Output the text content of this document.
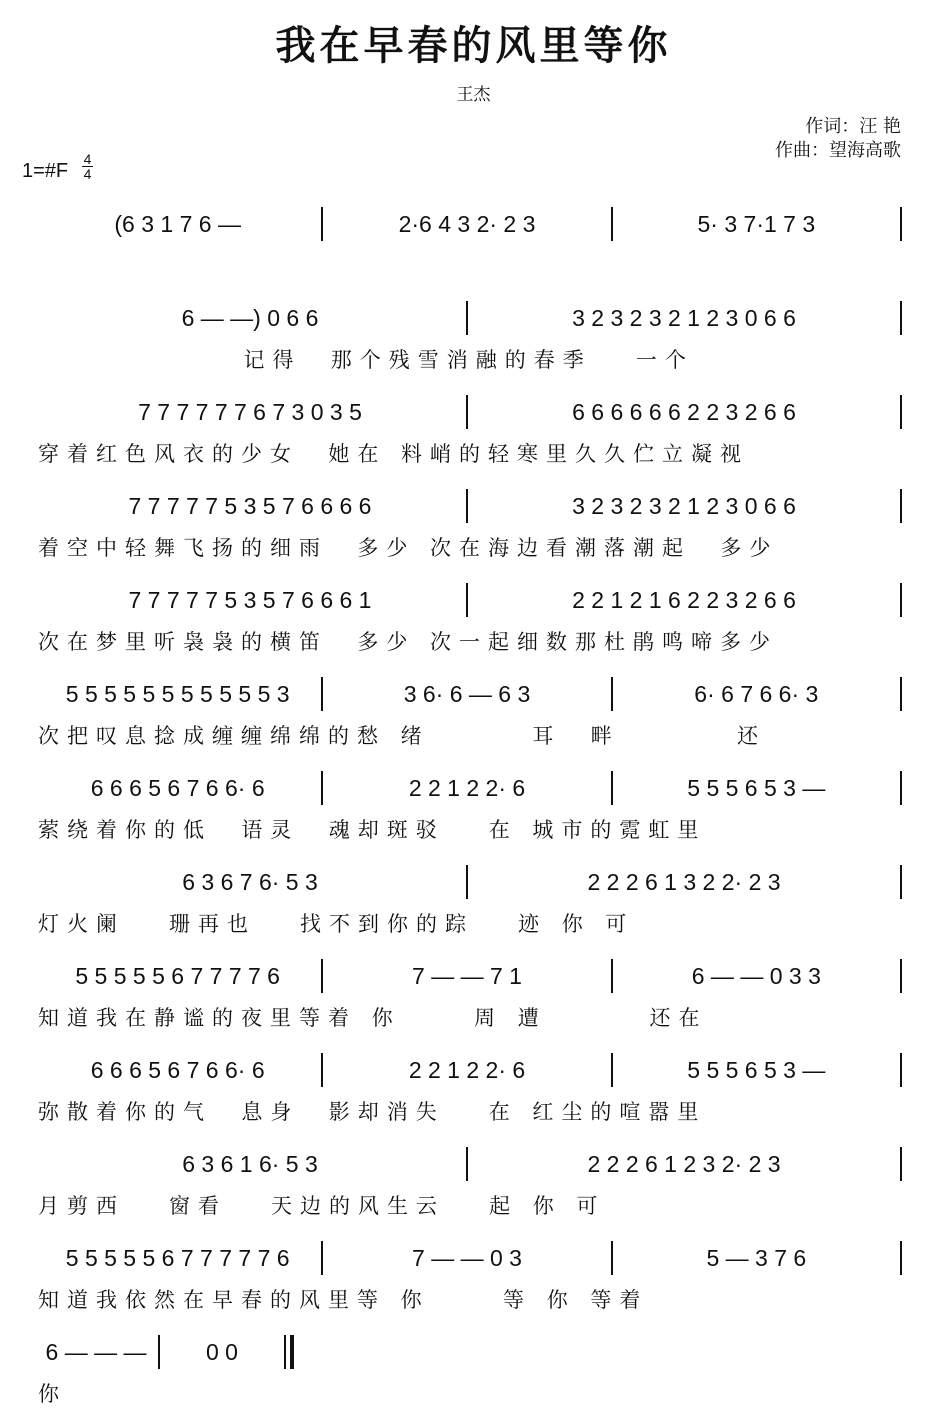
我在早春的风里等你
王杰
作词：汪 艳
作曲：望海高歌
1=#F
4
4
(6 3 1 7 6 —	2·6 4 3 2· 2 3	5· 3 7·1 7 3
6 — —) 0 6 6	3 2 3 2 3 2 1 2 3 0 6 6
记得  那个残雪消融的春季   一个
7 7 7 7 7 7 6 7 3 0 3 5	6 6 6 6 6 6 2 2 3 2 6 6
穿着红色风衣的少女  她在 料峭的轻寒里久久伫立凝视
7 7 7 7 7 5 3 5 7 6 6 6 6	3 2 3 2 3 2 1 2 3 0 6 6
着空中轻舞飞扬的细雨  多少 次在海边看潮落潮起  多少
7 7 7 7 7 5 3 5 7 6 6 6 1	2 2 1 2 1 6 2 2 3 2 6 6
次在梦里听袅袅的横笛  多少 次一起细数那杜鹃鸣啼多少
5 5 5 5 5 5 5 5 5 5 5 3	3 6· 6 — 6 3	6· 6 7 6 6· 3
次把叹息捻成缠缠绵绵的愁 绪       耳  畔        还
6 6 6 5 6 7 6 6· 6	2 2 1 2 2· 6	5 5 5 6 5 3 —
萦绕着你的低  语灵  魂却斑驳   在 城市的霓虹里
6 3 6 7 6· 5 3	2 2 2 6 1 3 2 2· 2 3
灯火阑   珊再也   找不到你的踪   迹 你 可
5 5 5 5 5 6 7 7 7 7 6	7 — — 7 1	6 — — 0 3 3
知道我在静谧的夜里等着 你     周 遭       还在
6 6 6 5 6 7 6 6· 6	2 2 1 2 2· 6	5 5 5 6 5 3 —
弥散着你的气  息身  影却消失   在 红尘的喧嚣里
6 3 6 1 6· 5 3	2 2 2 6 1 2 3 2· 2 3
月剪西   窗看   天边的风生云   起 你 可
5 5 5 5 5 6 7 7 7 7 7 6	7 — — 0 3	5 — 3 7 6
知道我依然在早春的风里等 你     等 你 等着
6 — — —	0 0
你
